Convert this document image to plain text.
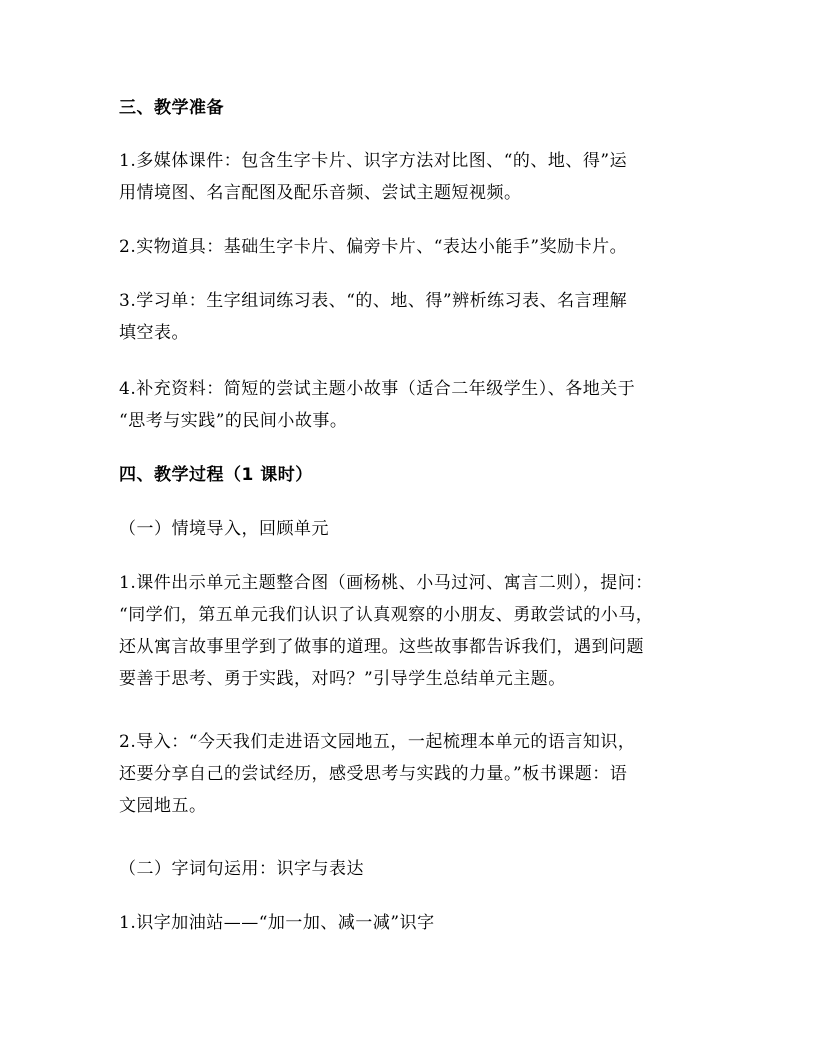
三、教学准备
1.多媒体课件：包含生字卡片、识字方法对比图、“的、地、得”运
用情境图、名言配图及配乐音频、尝试主题短视频。
2.实物道具：基础生字卡片、偏旁卡片、“表达小能手”奖励卡片。
3.学习单：生字组词练习表、“的、地、得”辨析练习表、名言理解
填空表。
4.补充资料：简短的尝试主题小故事（适合二年级学生）、各地关于
“思考与实践”的民间小故事。
四、教学过程（1 课时）
（一）情境导入，回顾单元
1.课件出示单元主题整合图（画杨桃、小马过河、寓言二则），提问：
“同学们，第五单元我们认识了认真观察的小朋友、勇敢尝试的小马，
还从寓言故事里学到了做事的道理。这些故事都告诉我们，遇到问题
要善于思考、勇于实践，对吗？”引导学生总结单元主题。
2.导入：“今天我们走进语文园地五，一起梳理本单元的语言知识，
还要分享自己的尝试经历，感受思考与实践的力量。”板书课题：语
文园地五。
（二）字词句运用：识字与表达
1.识字加油站——“加一加、减一减”识字
